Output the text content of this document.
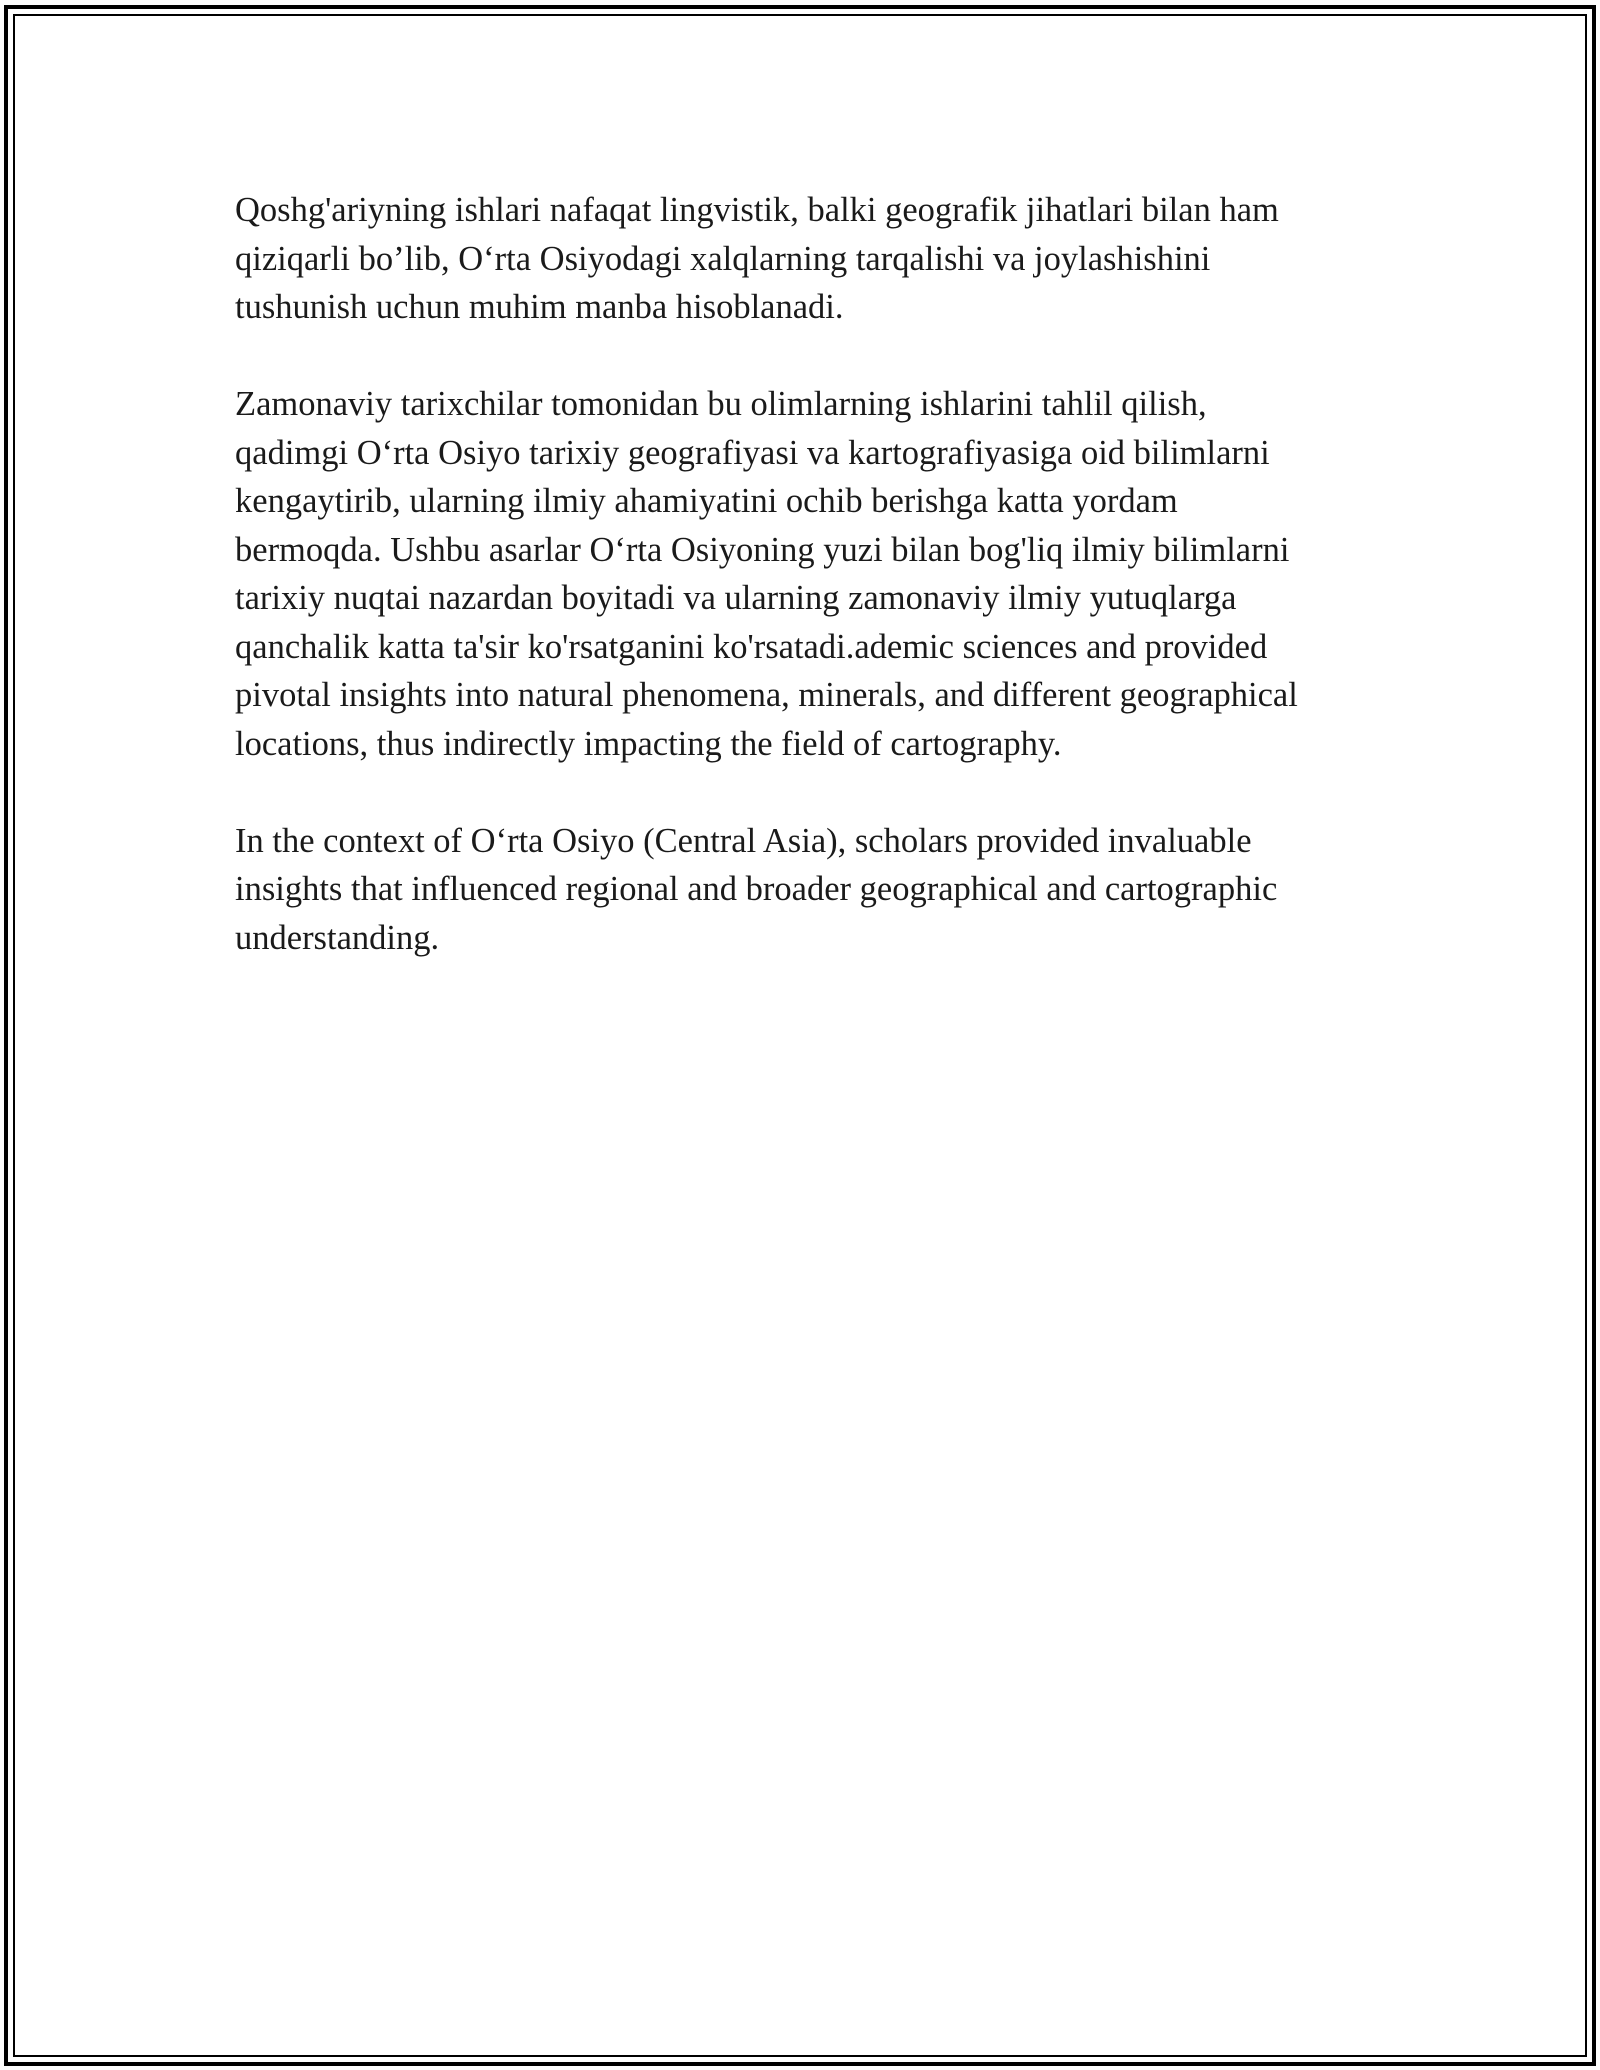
Qoshg'ariyning ishlari nafaqat lingvistik, balki geografik jihatlari bilan ham
qiziqarli bo’lib, O‘rta Osiyodagi xalqlarning tarqalishi va joylashishini
tushunish uchun muhim manba hisoblanadi.

Zamonaviy tarixchilar tomonidan bu olimlarning ishlarini tahlil qilish,
qadimgi O‘rta Osiyo tarixiy geografiyasi va kartografiyasiga oid bilimlarni
kengaytirib, ularning ilmiy ahamiyatini ochib berishga katta yordam
bermoqda. Ushbu asarlar O‘rta Osiyoning yuzi bilan bog'liq ilmiy bilimlarni
tarixiy nuqtai nazardan boyitadi va ularning zamonaviy ilmiy yutuqlarga
qanchalik katta ta'sir ko'rsatganini ko'rsatadi.ademic sciences and provided
pivotal insights into natural phenomena, minerals, and different geographical
locations, thus indirectly impacting the field of cartography.

In the context of O‘rta Osiyo (Central Asia), scholars provided invaluable
insights that influenced regional and broader geographical and cartographic
understanding.
